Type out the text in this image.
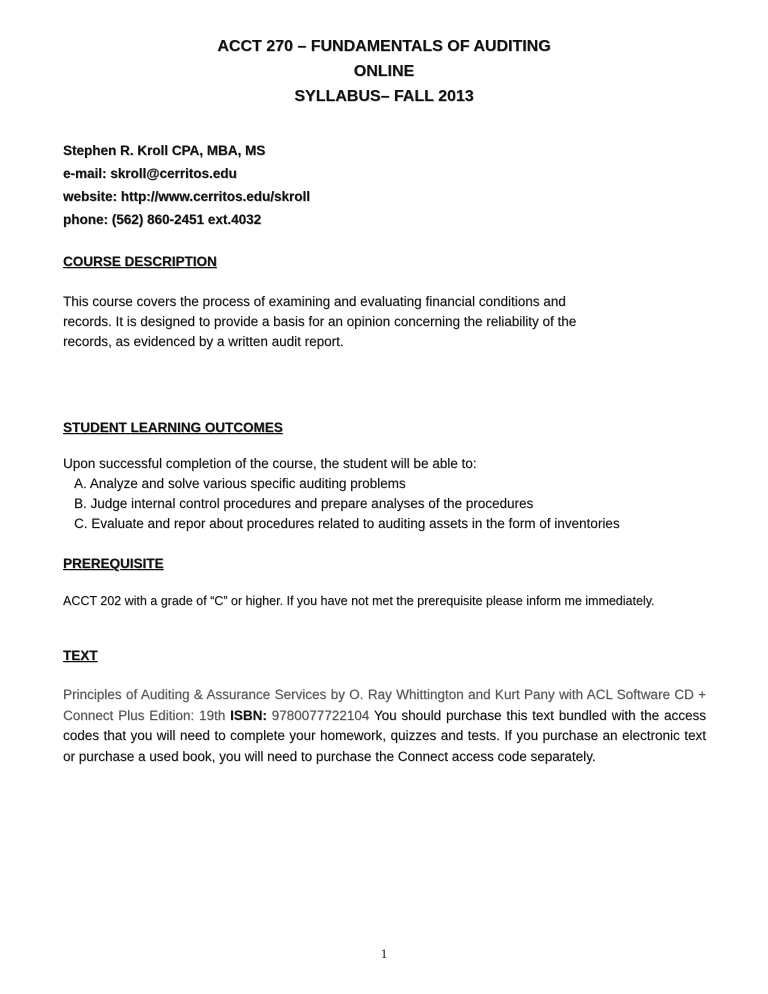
ACCT 270 – FUNDAMENTALS OF AUDITING
ONLINE
SYLLABUS– FALL 2013
Stephen R. Kroll CPA, MBA, MS
e-mail: skroll@cerritos.edu
website: http://www.cerritos.edu/skroll
phone: (562) 860-2451 ext.4032
COURSE DESCRIPTION
This course covers the process of examining and evaluating financial conditions and
records. It is designed to provide a basis for an opinion concerning the reliability of the
records, as evidenced by a written audit report.
STUDENT LEARNING OUTCOMES
Upon successful completion of the course, the student will be able to:
A. Analyze and solve various specific auditing problems
B. Judge internal control procedures and prepare analyses of the procedures
C. Evaluate and repor about procedures related to auditing assets in the form of inventories
PREREQUISITE
ACCT 202 with a grade of “C” or higher. If you have not met the prerequisite please inform me immediately.
TEXT

Principles of Auditing & Assurance Services by O. Ray Whittington and Kurt Pany with ACL Software CD + Connect Plus Edition: 19th ISBN: 9780077722104 You should purchase this text bundled with the access codes that you will need to complete your homework, quizzes and tests. If you purchase an electronic text or purchase a used book, you will need to purchase the Connect access code separately.

1
